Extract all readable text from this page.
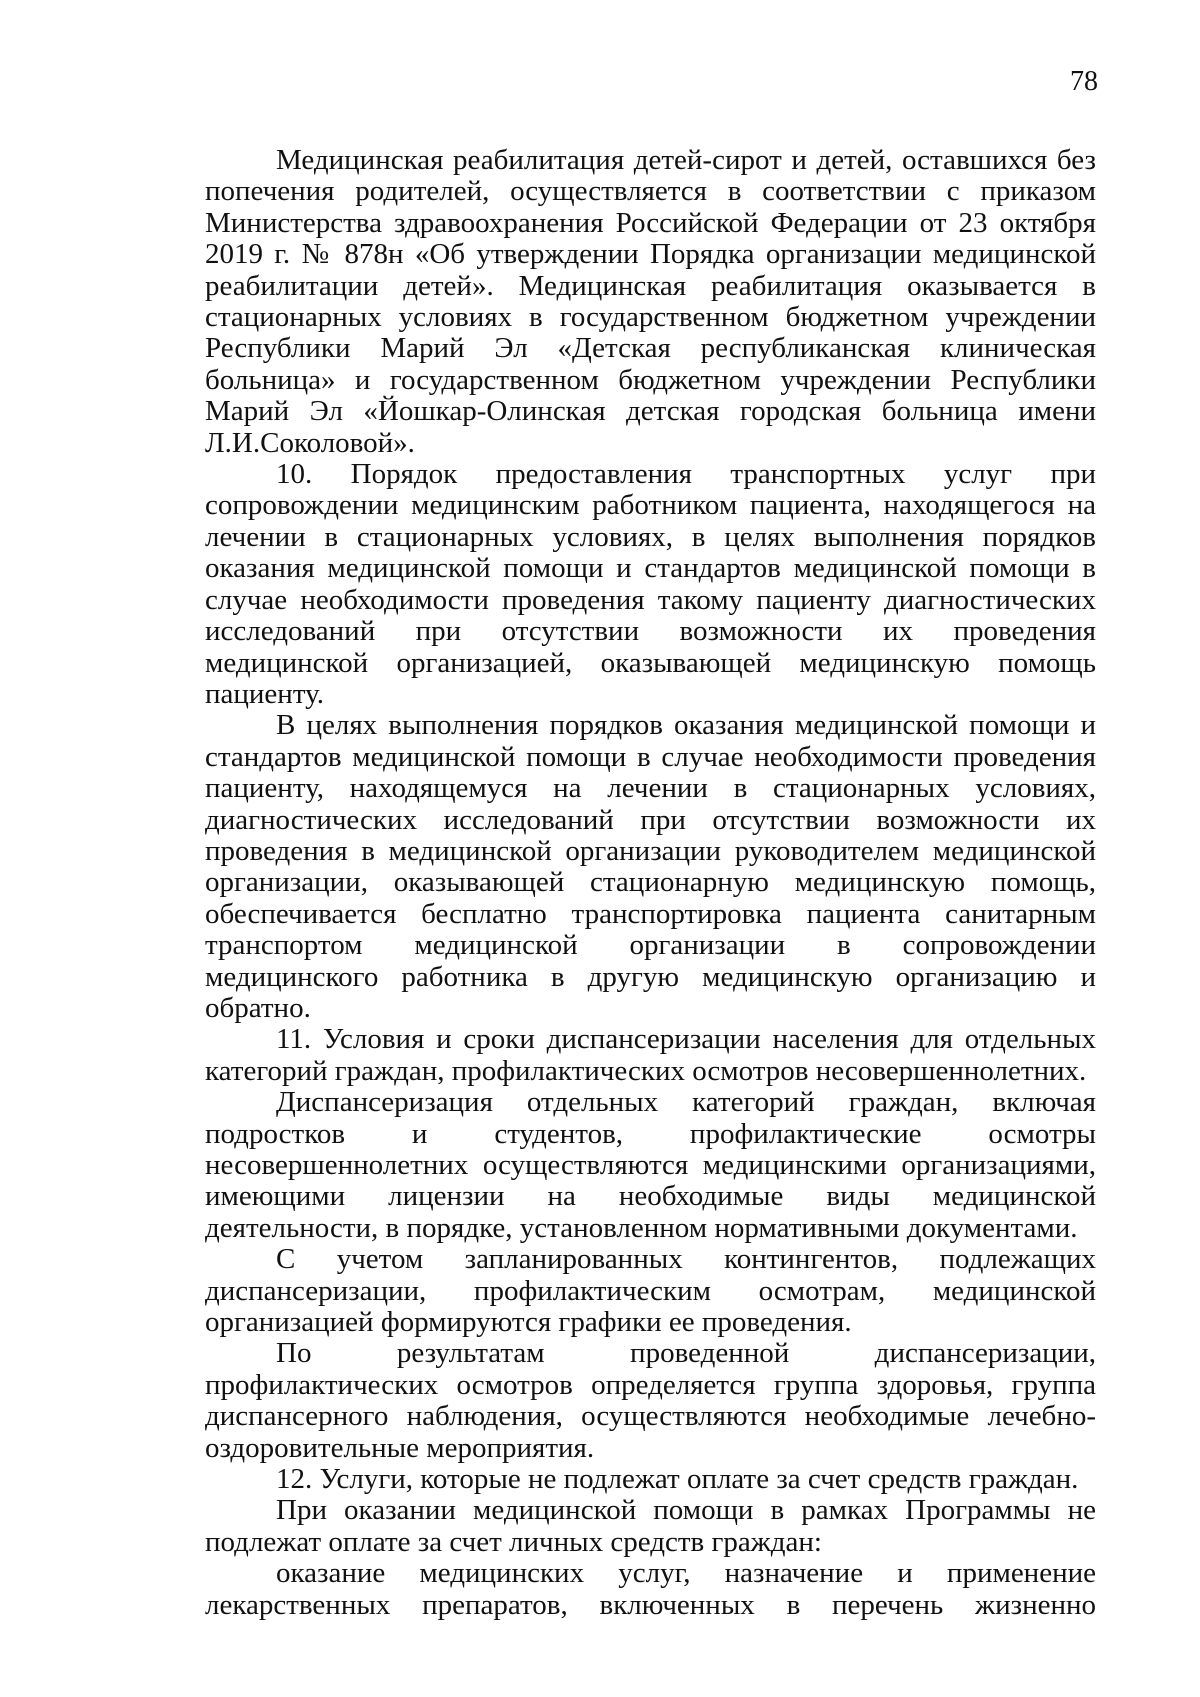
78

Медицинская реабилитация детей-сирот и детей, оставшихся без попечения родителей, осуществляется в соответствии с приказом Министерства здравоохранения Российской Федерации от 23 октября 2019 г. № 878н «Об утверждении Порядка организации медицинской реабилитации детей». Медицинская реабилитация оказывается в стационарных условиях в государственном бюджетном учреждении Республики Марий Эл «Детская республиканская клиническая больница» и государственном бюджетном учреждении Республики Марий Эл «Йошкар-Олинская детская городская больница имени Л.И.Соколовой».

10. Порядок предоставления транспортных услуг при сопровождении медицинским работником пациента, находящегося на лечении в стационарных условиях, в целях выполнения порядков оказания медицинской помощи и стандартов медицинской помощи в случае необходимости проведения такому пациенту диагностических исследований при отсутствии возможности их проведения медицинской организацией, оказывающей медицинскую помощь пациенту.

В целях выполнения порядков оказания медицинской помощи и стандартов медицинской помощи в случае необходимости проведения пациенту, находящемуся на лечении в стационарных условиях, диагностических исследований при отсутствии возможности их проведения в медицинской организации руководителем медицинской организации, оказывающей стационарную медицинскую помощь, обеспечивается бесплатно транспортировка пациента санитарным транспортом медицинской организации в сопровождении медицинского работника в другую медицинскую организацию и обратно.

11. Условия и сроки диспансеризации населения для отдельных категорий граждан, профилактических осмотров несовершеннолетних.

Диспансеризация отдельных категорий граждан, включая подростков и студентов, профилактические осмотры несовершеннолетних осуществляются медицинскими организациями, имеющими лицензии на необходимые виды медицинской деятельности, в порядке, установленном нормативными документами.

С учетом запланированных контингентов, подлежащих диспансеризации, профилактическим осмотрам, медицинской организацией формируются графики ее проведения.

По результатам проведенной диспансеризации, профилактических осмотров определяется группа здоровья, группа диспансерного наблюдения, осуществляются необходимые лечебно-оздоровительные мероприятия.

12. Услуги, которые не подлежат оплате за счет средств граждан.

При оказании медицинской помощи в рамках Программы не подлежат оплате за счет личных средств граждан:

оказание медицинских услуг, назначение и применение лекарственных препаратов, включенных в перечень жизненно
